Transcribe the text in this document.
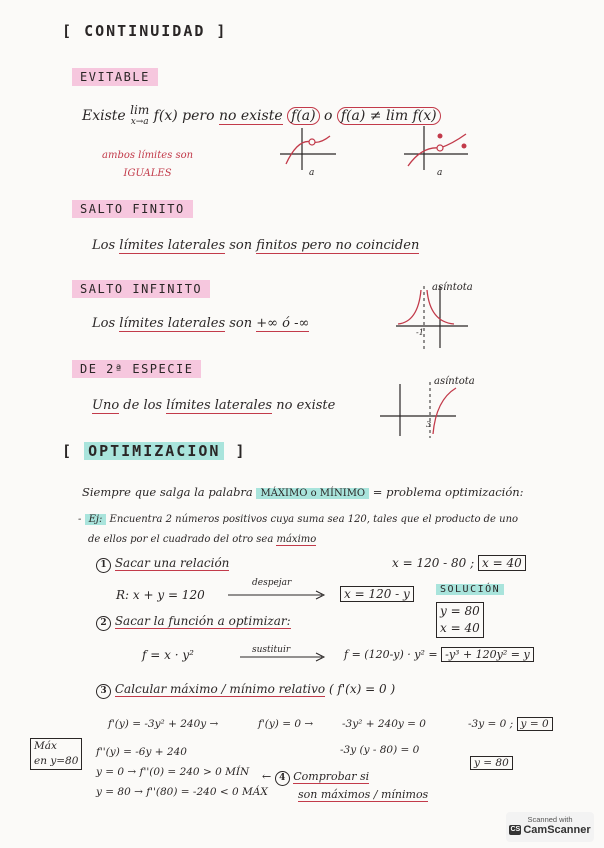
[ CONTINUIDAD ]
EVITABLE
Existe lim
x→a f(x) pero no existe f(a) o f(a) ≠ lim f(x)
ambos límites son
IGUALES	a	a
SALTO FINITO
Los límites laterales son finitos pero no coinciden
SALTO INFINITO
Los límites laterales son +∞ ó -∞
asíntota
-1
DE 2ª ESPECIE
Uno de los límites laterales no existe
asíntota
3
[ OPTIMIZACION ]
Siempre que salga la palabra MÁXIMO o MÍNIMO = problema optimización:
- Ej: Encuentra 2 números positivos cuya suma sea 120, tales que el producto de uno
de ellos por el cuadrado del otro sea máximo
1 Sacar una relación	x = 120 - 80 ; x = 40
R: x + y = 120
despejar
x = 120 - y	SOLUCIÓN
y = 80
x = 40
2 Sacar la función a optimizar:
f = x · y²	sustituir	f = (120-y) · y² = -y³ + 120y² = y
3 Calcular máximo / mínimo relativo ( f'(x) = 0 )
f'(y) = -3y² + 240y →	f'(y) = 0 →	-3y² + 240y = 0	-3y = 0 ; y = 0
-3y (y - 80) = 0
y = 80
Máx
en y=80
f''(y) = -6y + 240
y = 0 → f''(0) = 240 > 0 MÍN
y = 80 → f''(80) = -240 < 0 MÁX
← 4 Comprobar si
son máximos / mínimos
Scanned with
CS CamScanner
